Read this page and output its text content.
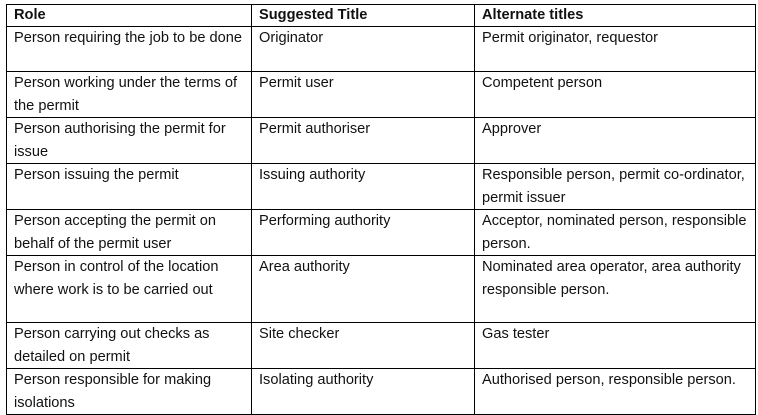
Role	Suggested Title	Alternate titles
Person requiring the job to be done	Originator	Permit originator, requestor
Person working under the terms of the permit	Permit user	Competent person
Person authorising the permit for issue	Permit authoriser	Approver
Person issuing the permit	Issuing authority	Responsible person, permit co-ordinator, permit issuer
Person accepting the permit on behalf of the permit user	Performing authority	Acceptor, nominated person, responsible person.
Person in control of the location where work is to be carried out	Area authority	Nominated area operator, area authority responsible person.
Person carrying out checks as detailed on permit	Site checker	Gas tester
Person responsible for making isolations	Isolating authority	Authorised person, responsible person.
